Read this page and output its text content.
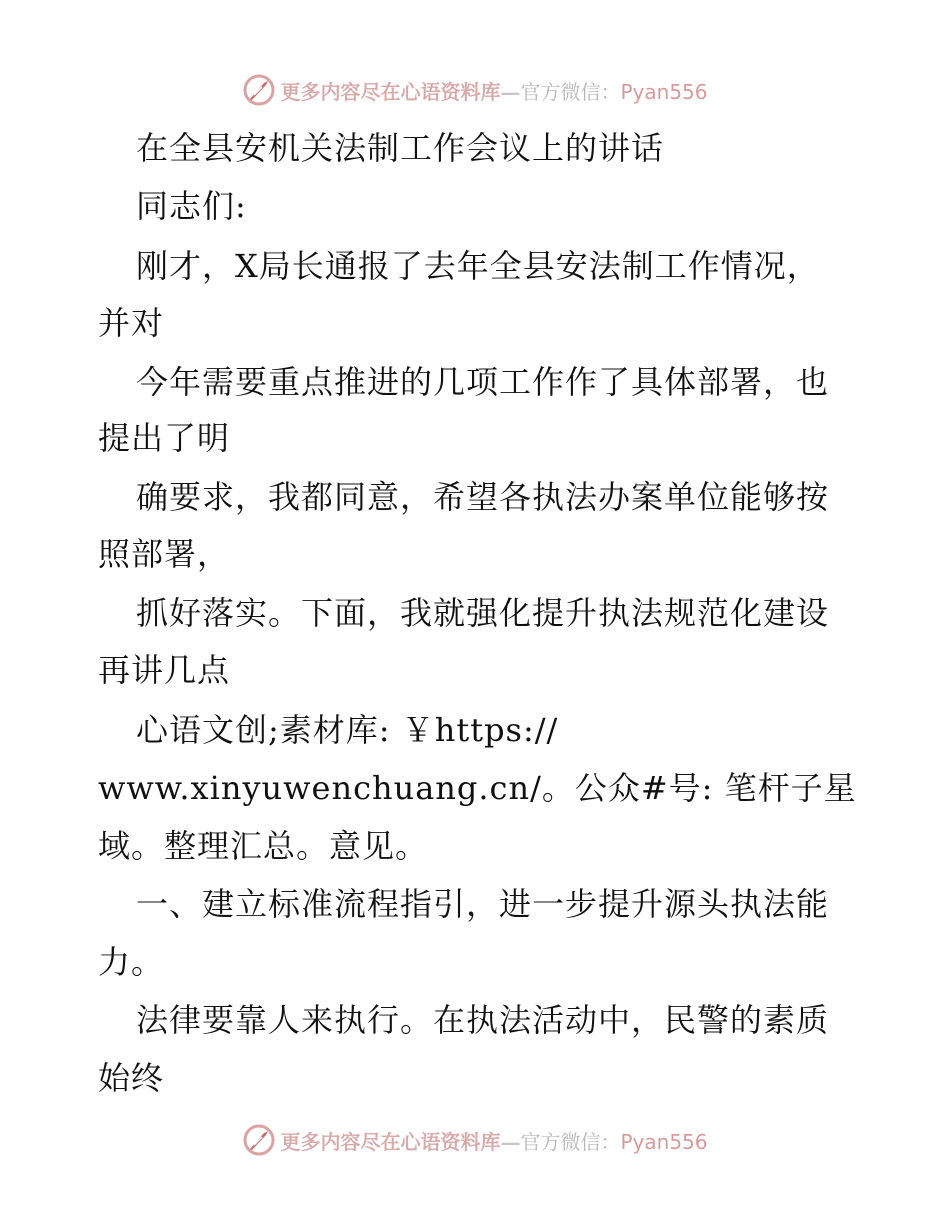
更多内容尽在心语资料库—官方微信：Pyan556
在全县安机关法制工作会议上的讲话
同志们:
刚才，X局长通报了去年全县安法制工作情况，
并对
今年需要重点推进的几项工作作了具体部署，也
提出了明
确要求，我都同意，希望各执法办案单位能够按
照部署，
抓好落实。下面，我就强化提升执法规范化建设
再讲几点
心语文创;素材库: ￥https://
www.xinyuwenchuang.cn/。公众#号: 笔杆子星
域。整理汇总。意见。
一、建立标准流程指引，进一步提升源头执法能
力。
法律要靠人来执行。在执法活动中，民警的素质
始终
更多内容尽在心语资料库—官方微信：Pyan556
